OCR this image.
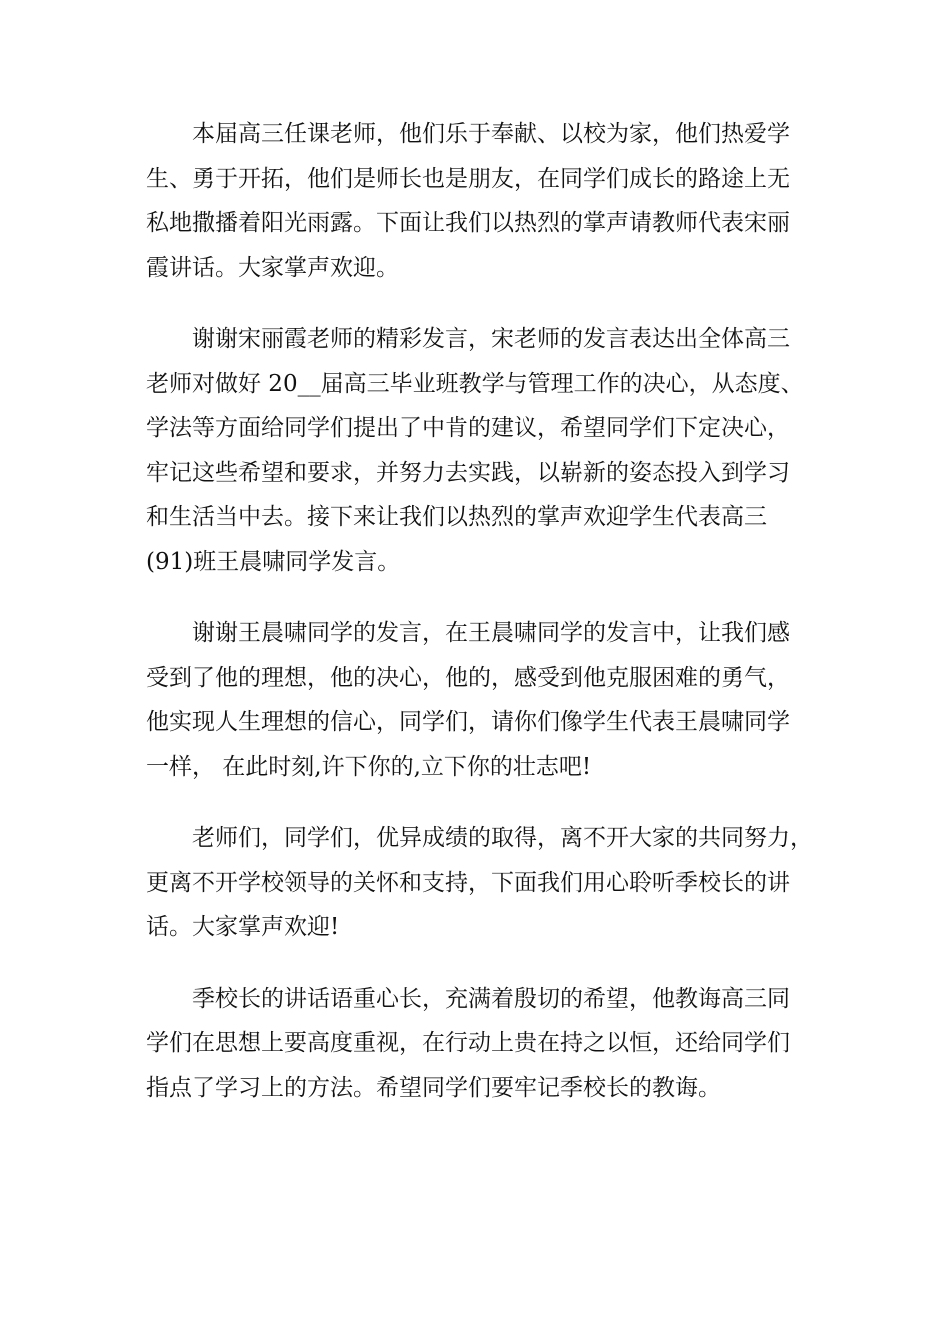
本届高三任课老师，他们乐于奉献、以校为家，他们热爱学
生、勇于开拓，他们是师长也是朋友，在同学们成长的路途上无
私地撒播着阳光雨露。下面让我们以热烈的掌声请教师代表宋丽
霞讲话。大家掌声欢迎。

谢谢宋丽霞老师的精彩发言，宋老师的发言表达出全体高三
老师对做好 20__届高三毕业班教学与管理工作的决心，从态度、
学法等方面给同学们提出了中肯的建议，希望同学们下定决心，
牢记这些希望和要求，并努力去实践，以崭新的姿态投入到学习
和生活当中去。接下来让我们以热烈的掌声欢迎学生代表高三
(91)班王晨啸同学发言。

谢谢王晨啸同学的发言，在王晨啸同学的发言中，让我们感
受到了他的理想，他的决心，他的，感受到他克服困难的勇气，
他实现人生理想的信心，同学们，请你们像学生代表王晨啸同学
一样， 在此时刻,许下你的,立下你的壮志吧!

老师们，同学们，优异成绩的取得，离不开大家的共同努力，
更离不开学校领导的关怀和支持，下面我们用心聆听季校长的讲
话。大家掌声欢迎!

季校长的讲话语重心长，充满着殷切的希望，他教诲高三同
学们在思想上要高度重视，在行动上贵在持之以恒，还给同学们
指点了学习上的方法。希望同学们要牢记季校长的教诲。
